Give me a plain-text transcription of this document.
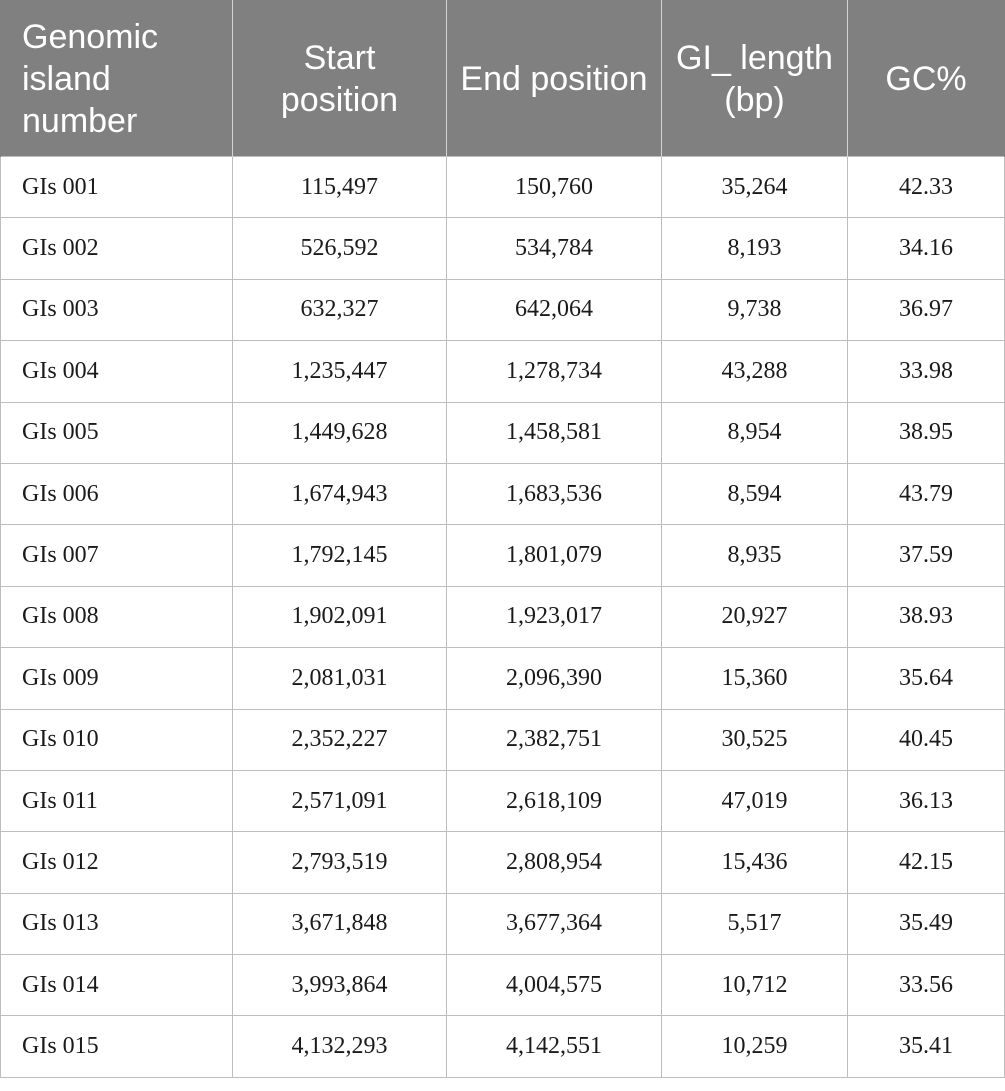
Genomic island number	Start position	End position	GI_ length (bp)	GC%
GIs 001	115,497	150,760	35,264	42.33
GIs 002	526,592	534,784	8,193	34.16
GIs 003	632,327	642,064	9,738	36.97
GIs 004	1,235,447	1,278,734	43,288	33.98
GIs 005	1,449,628	1,458,581	8,954	38.95
GIs 006	1,674,943	1,683,536	8,594	43.79
GIs 007	1,792,145	1,801,079	8,935	37.59
GIs 008	1,902,091	1,923,017	20,927	38.93
GIs 009	2,081,031	2,096,390	15,360	35.64
GIs 010	2,352,227	2,382,751	30,525	40.45
GIs 011	2,571,091	2,618,109	47,019	36.13
GIs 012	2,793,519	2,808,954	15,436	42.15
GIs 013	3,671,848	3,677,364	5,517	35.49
GIs 014	3,993,864	4,004,575	10,712	33.56
GIs 015	4,132,293	4,142,551	10,259	35.41
